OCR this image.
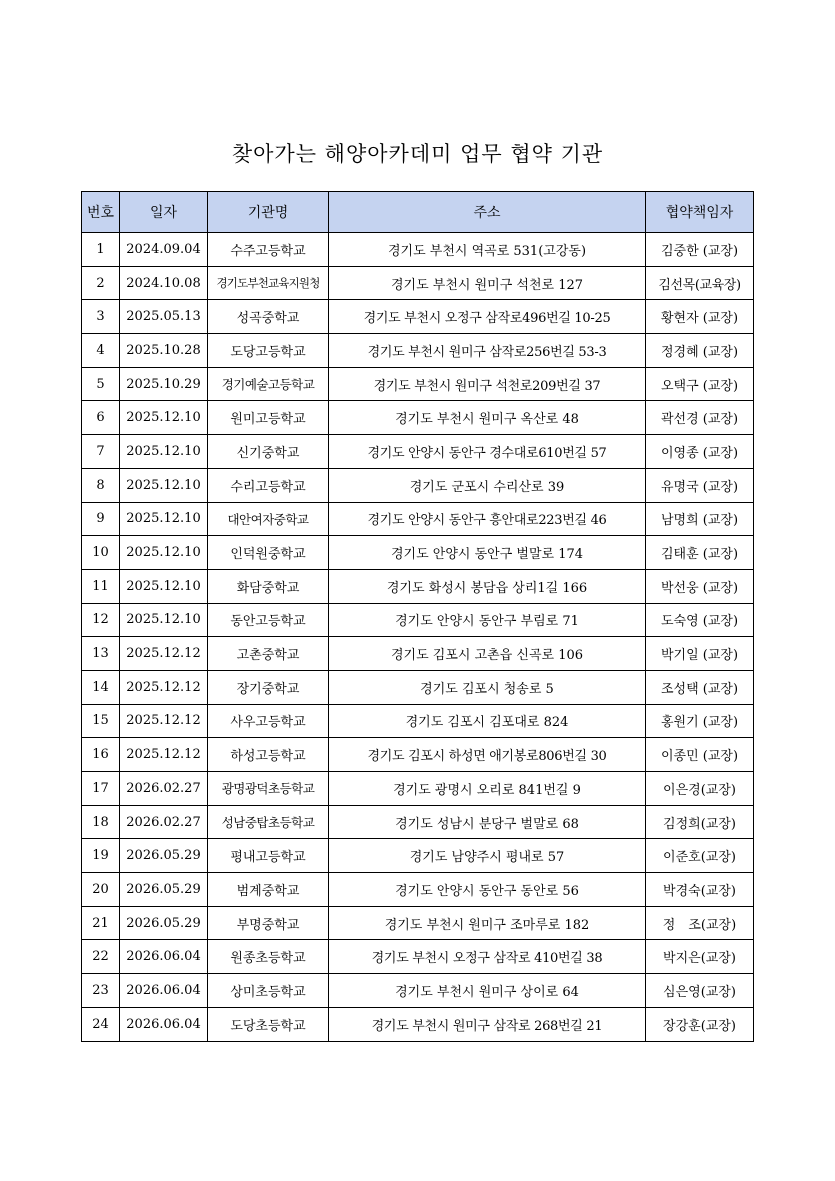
찾아가는 해양아카데미 업무 협약 기관
번호	일자	기관명	주소	협약책임자
1	2024.09.04	수주고등학교	경기도 부천시 역곡로 531(고강동)	김중한 (교장)
2	2024.10.08	경기도부천교육지원청	경기도 부천시 원미구 석천로 127	김선목(교육장)
3	2025.05.13	성곡중학교	경기도 부천시 오정구 삼작로496번길 10-25	황현자 (교장)
4	2025.10.28	도당고등학교	경기도 부천시 원미구 삼작로256번길 53-3	정경혜 (교장)
5	2025.10.29	경기예술고등학교	경기도 부천시 원미구 석천로209번길 37	오택구 (교장)
6	2025.12.10	원미고등학교	경기도 부천시 원미구 옥산로 48	곽선경 (교장)
7	2025.12.10	신기중학교	경기도 안양시 동안구 경수대로610번길 57	이영종 (교장)
8	2025.12.10	수리고등학교	경기도 군포시 수리산로 39	유명국 (교장)
9	2025.12.10	대안여자중학교	경기도 안양시 동안구 흥안대로223번길 46	남명희 (교장)
10	2025.12.10	인덕원중학교	경기도 안양시 동안구 벌말로 174	김태훈 (교장)
11	2025.12.10	화담중학교	경기도 화성시 봉담읍 상리1길 166	박선웅 (교장)
12	2025.12.10	동안고등학교	경기도 안양시 동안구 부림로 71	도숙영 (교장)
13	2025.12.12	고촌중학교	경기도 김포시 고촌읍 신곡로 106	박기일 (교장)
14	2025.12.12	장기중학교	경기도 김포시 청송로 5	조성택 (교장)
15	2025.12.12	사우고등학교	경기도 김포시 김포대로 824	홍원기 (교장)
16	2025.12.12	하성고등학교	경기도 김포시 하성면 애기봉로806번길 30	이종민 (교장)
17	2026.02.27	광명광덕초등학교	경기도 광명시 오리로 841번길 9	이은경(교장)
18	2026.02.27	성남중탑초등학교	경기도 성남시 분당구 벌말로 68	김정희(교장)
19	2026.05.29	평내고등학교	경기도 남양주시 평내로 57	이준호(교장)
20	2026.05.29	범계중학교	경기도 안양시 동안구 동안로 56	박경숙(교장)
21	2026.05.29	부명중학교	경기도 부천시 원미구 조마루로 182	정　조(교장)
22	2026.06.04	원종초등학교	경기도 부천시 오정구 삼작로 410번길 38	박지은(교장)
23	2026.06.04	상미초등학교	경기도 부천시 원미구 상이로 64	심은영(교장)
24	2026.06.04	도당초등학교	경기도 부천시 원미구 삼작로 268번길 21	장강훈(교장)
